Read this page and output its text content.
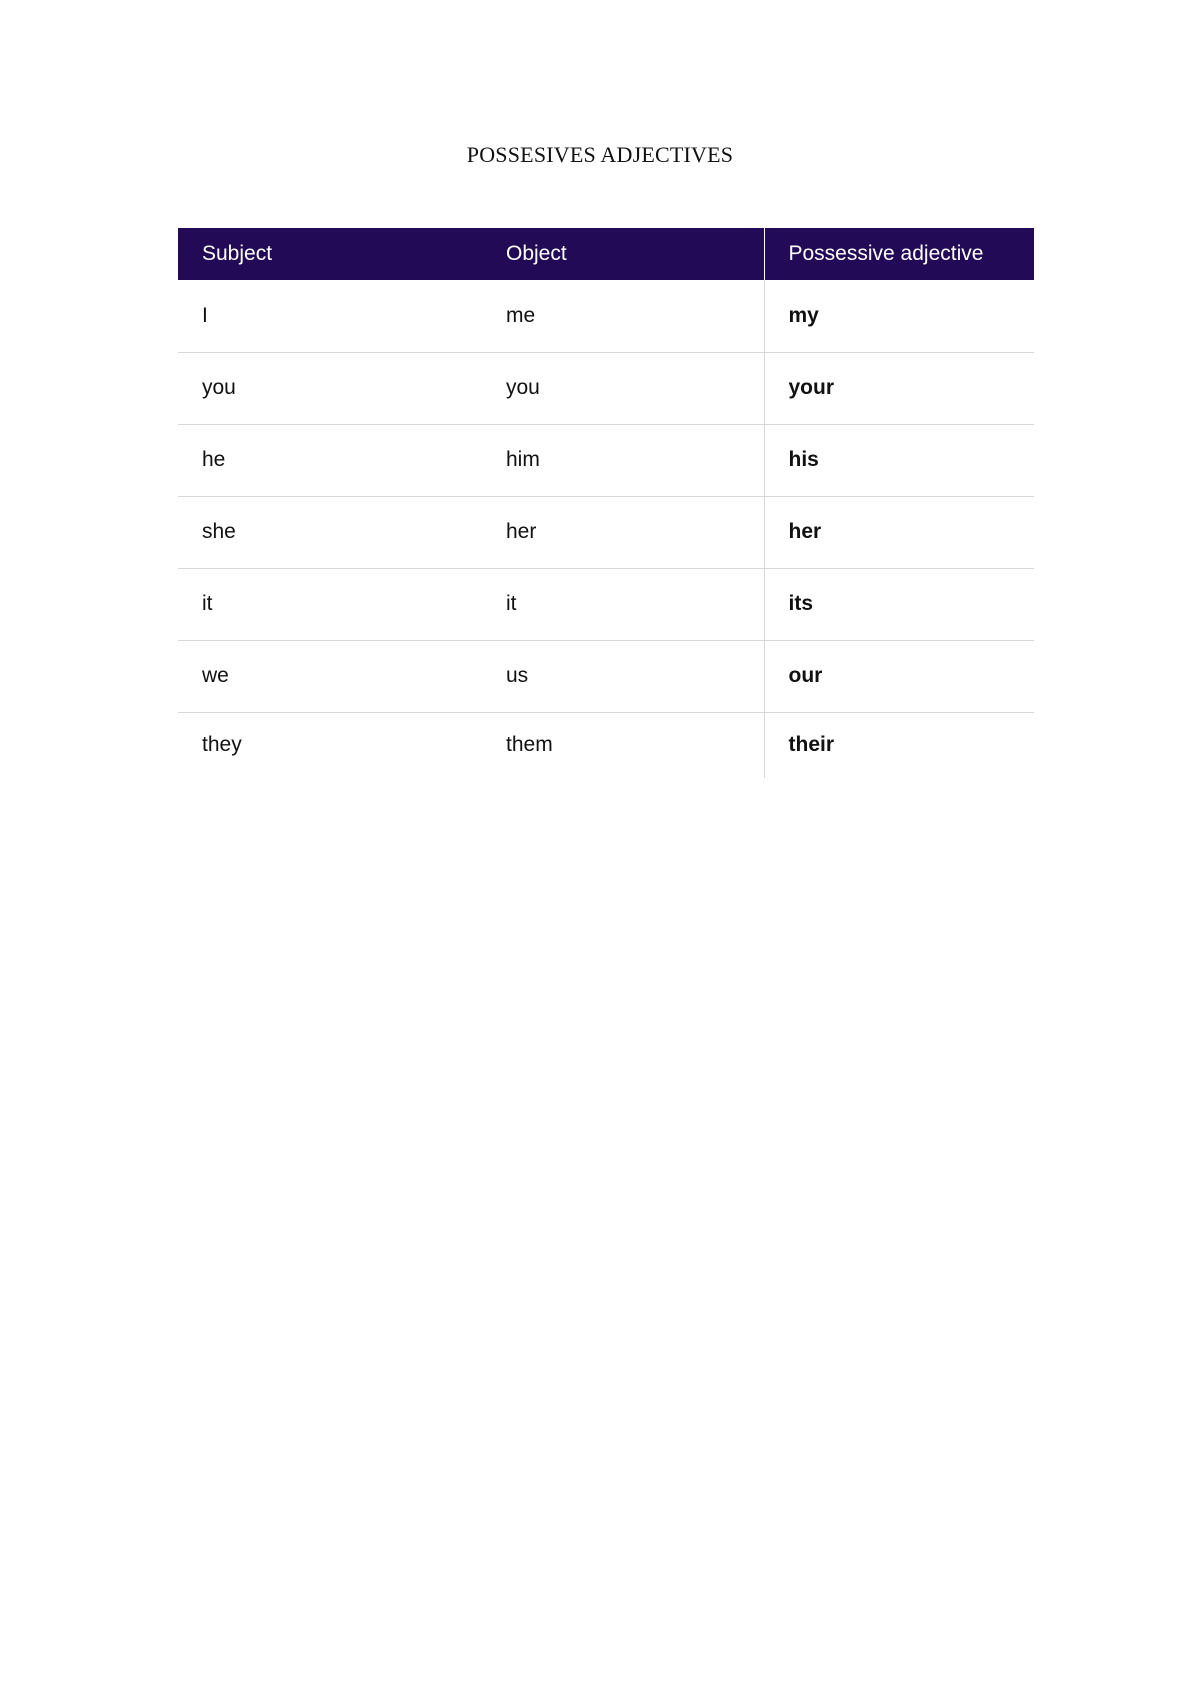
POSSESIVES ADJECTIVES
Subject	Object	Possessive adjective
I	me	my
you	you	your
he	him	his
she	her	her
it	it	its
we	us	our
they	them	their
